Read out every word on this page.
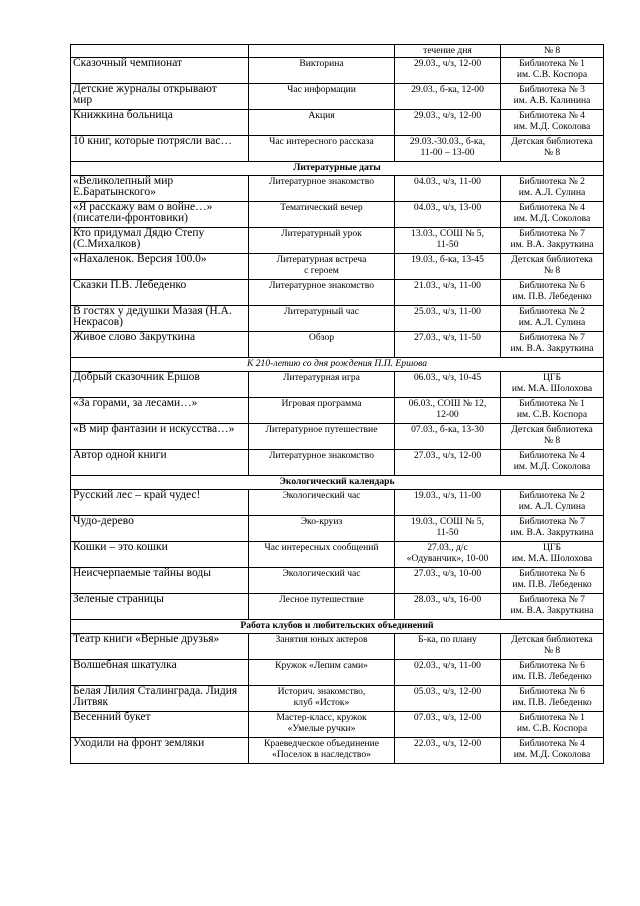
		течение дня	№ 8
Сказочный чемпионат	Викторина	29.03., ч/з, 12-00	Библиотека № 1
им. С.В. Коспора
Детские журналы открывают
мир	Час информации	29.03., б-ка, 12-00	Библиотека № 3
им. А.В. Калинина
Книжкина больница	Акция	29.03., ч/з, 12-00	Библиотека № 4
им. М.Д. Соколова
10 книг, которые потрясли вас…	Час интересного рассказа	29.03.-30.03., б-ка,
11-00 – 13-00	Детская библиотека
№ 8
Литературные даты			
«Великолепный мир
Е.Баратынского»	Литературное знакомство	04.03., ч/з, 11-00	Библиотека № 2
им. А.Л. Сулина
«Я расскажу вам о войне…»
(писатели-фронтовики)	Тематический вечер	04.03., ч/з, 13-00	Библиотека № 4
им. М.Д. Соколова
Кто придумал Дядю Степу
(С.Михалков)	Литературный урок	13.03., СОШ № 5,
11-50	Библиотека № 7
им. В.А. Закруткина
«Нахаленок. Версия 100.0»	Литературная встреча
с героем	19.03., б-ка, 13-45	Детская библиотека
№ 8
Сказки П.В. Лебеденко	Литературное знакомство	21.03., ч/з, 11-00	Библиотека № 6
им. П.В. Лебеденко
В гостях у дедушки Мазая (Н.А.
Некрасов)	Литературный час	25.03., ч/з, 11-00	Библиотека № 2
им. А.Л. Сулина
Живое слово Закруткина	Обзор	27.03., ч/з, 11-50	Библиотека № 7
им. В.А. Закруткина
К 210-летию со дня рождения П.П. Ершова			
Добрый сказочник Ершов	Литературная игра	06.03., ч/з, 10-45	ЦГБ
им. М.А. Шолохова
«За горами, за лесами…»	Игровая программа	06.03., СОШ № 12,
12-00	Библиотека № 1
им. С.В. Коспора
«В мир фантазии и искусства…»	Литературное путешествие	07.03., б-ка, 13-30	Детская библиотека
№ 8
Автор одной книги	Литературное знакомство	27.03., ч/з, 12-00	Библиотека № 4
им. М.Д. Соколова
Экологический календарь			
Русский лес – край чудес!	Экологический час	19.03., ч/з, 11-00	Библиотека № 2
им. А.Л. Сулина
Чудо-дерево	Эко-круиз	19.03., СОШ № 5,
11-50	Библиотека № 7
им. В.А. Закруткина
Кошки – это кошки	Час интересных сообщений	27.03., д/с
«Одуванчик», 10-00	ЦГБ
им. М.А. Шолохова
Неисчерпаемые тайны воды	Экологический час	27.03., ч/з, 10-00	Библиотека № 6
им. П.В. Лебеденко
Зеленые страницы	Лесное путешествие	28.03., ч/з, 16-00	Библиотека № 7
им. В.А. Закруткина
Работа клубов и любительских объединений			
Театр книги «Верные друзья»	Занятия юных актеров	Б-ка, по плану	Детская библиотека
№ 8
Волшебная шкатулка	Кружок «Лепим сами»	02.03., ч/з, 11-00	Библиотека № 6
им. П.В. Лебеденко
Белая Лилия Сталинграда. Лидия
Литвяк	Историч. знакомство,
клуб «Исток»	05.03., ч/з, 12-00	Библиотека № 6
им. П.В. Лебеденко
Весенний букет	Мастер-класс, кружок
«Умелые ручки»	07.03., ч/з, 12-00	Библиотека № 1
им. С.В. Коспора
Уходили на фронт земляки	Краеведческое объединение
«Поселок в наследство»	22.03., ч/з, 12-00	Библиотека № 4
им. М.Д. Соколова
